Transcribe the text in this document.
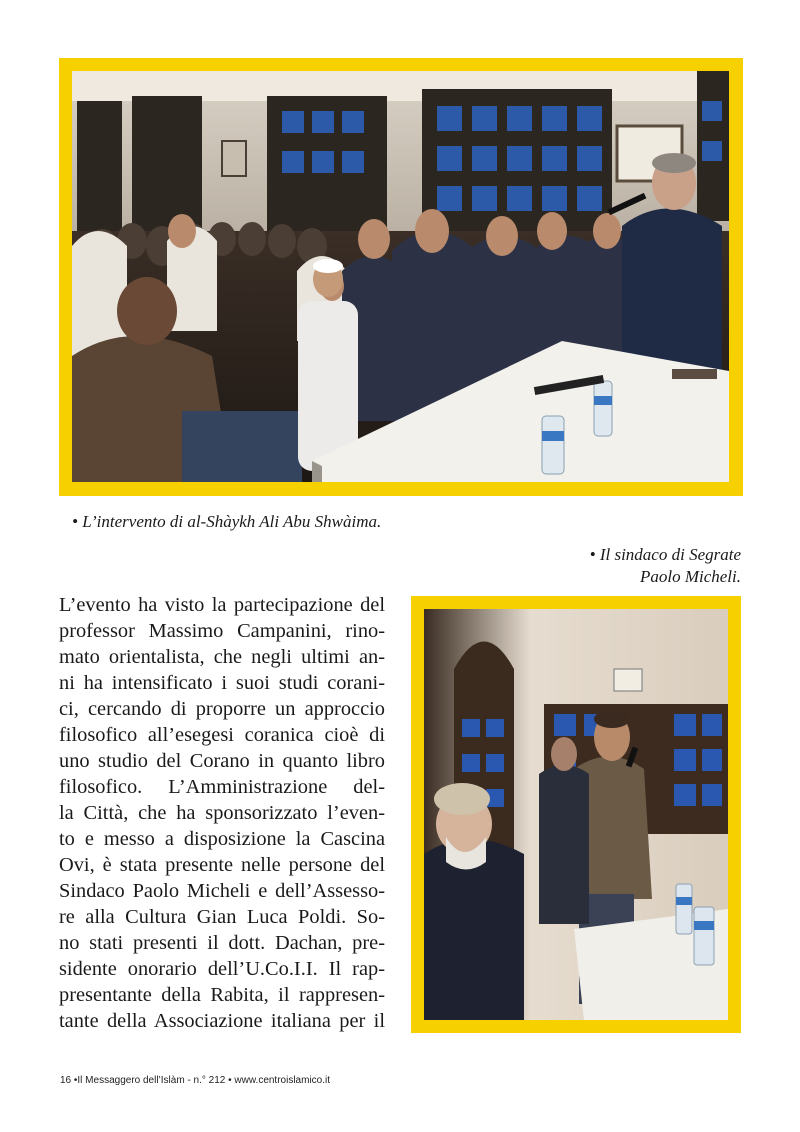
• L’intervento di al-Shàykh Ali Abu Shwàima.
• Il sindaco di Segrate
Paolo Micheli.
L’evento ha visto la partecipazione del
professor Massimo Campanini, rino-
mato orientalista, che negli ultimi an-
ni ha intensificato i suoi studi corani-
ci, cercando di proporre un approccio
filosofico all’esegesi coranica cioè di
uno studio del Corano in quanto libro
filosofico. L’Amministrazione del-
la Città, che ha sponsorizzato l’even-
to e messo a disposizione la Cascina
Ovi, è stata presente nelle persone del
Sindaco Paolo Micheli e dell’Assesso-
re alla Cultura Gian Luca Poldi. So-
no stati presenti il dott. Dachan, pre-
sidente onorario dell’U.Co.I.I. Il rap-
presentante della Rabita, il rappresen-
tante della Associazione italiana per il
16 •Il Messaggero dell’Islàm - n.° 212 • www.centroislamico.it
